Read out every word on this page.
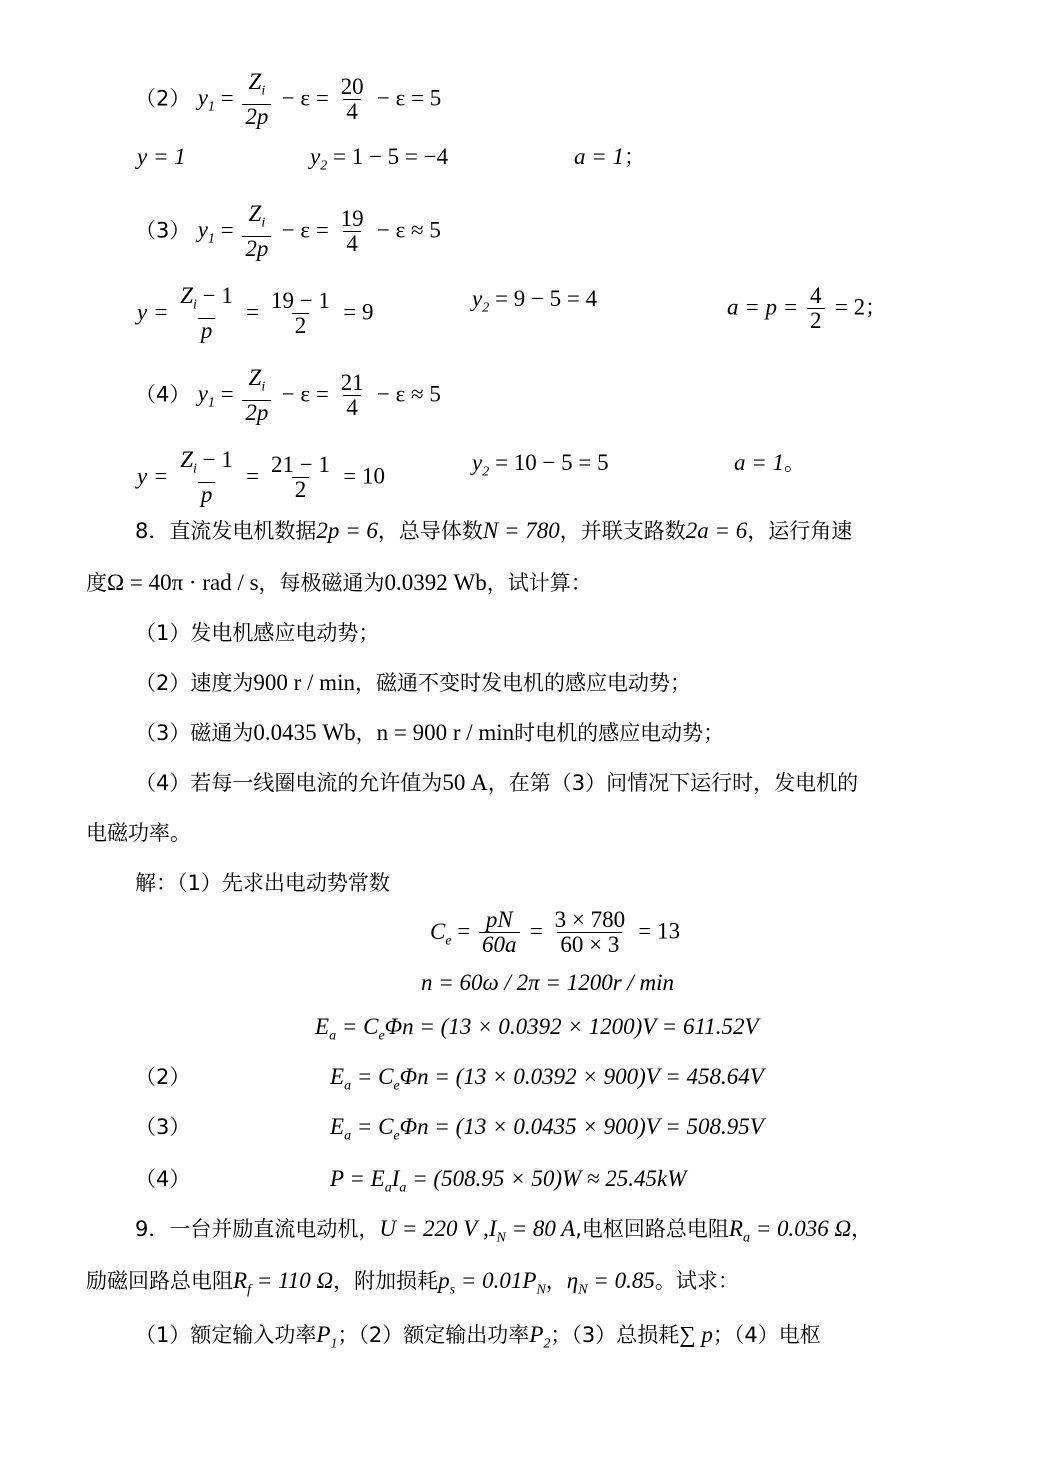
（2） $y_1 = \frac{Z_i}{2p} - \varepsilon = \frac{20}{4} - \varepsilon = 5$
y = 1	$y_2 = 1 - 5 = -4$	a = 1；
（3） $y_1 = \frac{Z_i}{2p} - \varepsilon = \frac{19}{4} - \varepsilon \approx 5$
$y = \frac{Z_i - 1}{p} = \frac{19 - 1}{2} = 9$
$y_2 = 9 - 5 = 4$	$a = p = \frac{4}{2} = 2$；
（4） $y_1 = \frac{Z_i}{2p} - \varepsilon = \frac{21}{4} - \varepsilon \approx 5$
$y = \frac{Z_i - 1}{p} = \frac{21 - 1}{2} = 10$
$y_2 = 10 - 5 = 5$	a = 1。
8．直流发电机数据2p = 6，总导体数N = 780，并联支路数2a = 6，运行角速
度Ω = 40π · rad / s，每极磁通为0.0392 Wb，试计算：
（1）发电机感应电动势；
（2）速度为900 r / min，磁通不变时发电机的感应电动势；
（3）磁通为0.0435 Wb，n = 900 r / min时电机的感应电动势；
（4）若每一线圈电流的允许值为50 A，在第（3）问情况下运行时，发电机的
电磁功率。
解：（1）先求出电动势常数
$C_e = \frac{pN}{60a} = \frac{3 \times 780}{60 \times 3} = 13$
n = 60ω / 2π = 1200r / min
$E_a = C_e\Phi n = (13 \times 0.0392 \times 1200)V = 611.52V$
（2）	$E_a = C_e\Phi n = (13 \times 0.0392 \times 900)V = 458.64V$
（3）	$E_a = C_e\Phi n = (13 \times 0.0435 \times 900)V = 508.95V$
（4）	$P = E_aI_a = (508.95 \times 50)W \approx 25.45kW$
9．一台并励直流电动机，U = 220 V $,I_N = 80$ A,电枢回路总电阻$R_a = 0.036$ Ω，
励磁回路总电阻$R_f = 110$ Ω，附加损耗$p_s = 0.01P_N$，$\eta_N = 0.85$。试求：
（1）额定输入功率$P_1$；（2）额定输出功率$P_2$；（3）总损耗∑ p；（4）电枢
